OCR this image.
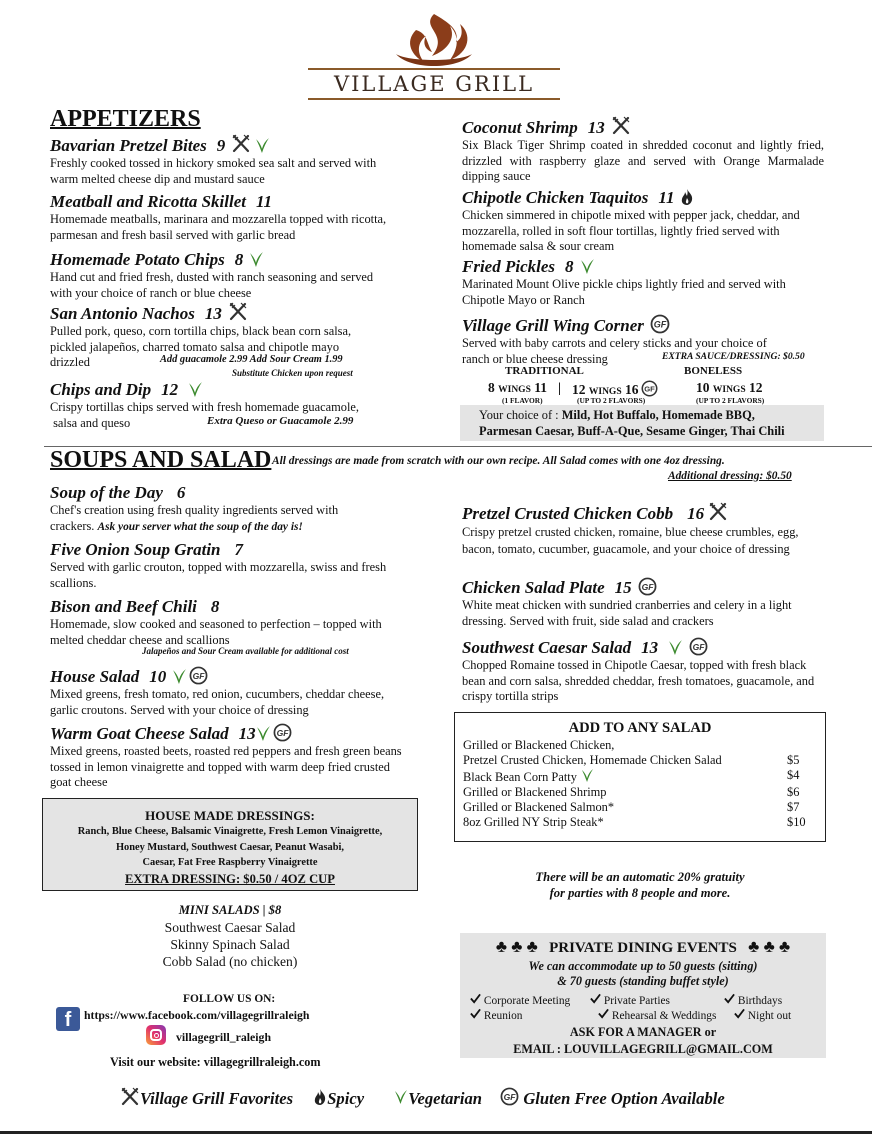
VILLAGE GRILL
APPETIZERS
Bavarian Pretzel Bites 9
Freshly cooked tossed in hickory smoked sea salt and served with warm melted cheese dip and mustard sauce
Meatball and Ricotta Skillet 11
Homemade meatballs, marinara and mozzarella topped with ricotta, parmesan and fresh basil served with garlic bread
Homemade Potato Chips 8
Hand cut and fried fresh, dusted with ranch seasoning and served with your choice of ranch or blue cheese
San Antonio Nachos 13
Pulled pork, queso, corn tortilla chips, black bean corn salsa,
pickled jalapeños, charred tomato salsa and chipotle mayo
drizzled	Add guacamole 2.99 Add Sour Cream 1.99
Substitute Chicken upon request
Chips and Dip 12
Crispy tortillas chips served with fresh homemade guacamole,
salsa and queso	Extra Queso or Guacamole 2.99
Coconut Shrimp 13
Six Black Tiger Shrimp coated in shredded coconut and lightly fried, drizzled with raspberry glaze and served with Orange Marmalade dipping sauce
Chipotle Chicken Taquitos 11
Chicken simmered in chipotle mixed with pepper jack, cheddar, and mozzarella, rolled in soft flour tortillas, lightly fried served with homemade salsa & sour cream
Fried Pickles 8
Marinated Mount Olive pickle chips lightly fried and served with Chipotle Mayo or Ranch
Village Grill Wing Corner
Served with baby carrots and celery sticks and your choice of
ranch or blue cheese dressing	EXTRA SAUCE/DRESSING: $0.50
TRADITIONAL	BONELESS
8 WINGS 11 | 12 WINGS 16	10 WINGS 12
(1 FLAVOR)	(UP TO 2 FLAVORS)	(UP TO 2 FLAVORS)
Your choice of : Mild, Hot Buffalo, Homemade BBQ,
Parmesan Caesar, Buff-A-Que, Sesame Ginger, Thai Chili
SOUPS AND SALAD All dressings are made from scratch with our own recipe. All Salad comes with one 4oz dressing.
Additional dressing: $0.50
Soup of the Day 6
Chef's creation using fresh quality ingredients served with
crackers. Ask your server what the soup of the day is!
Five Onion Soup Gratin 7
Served with garlic crouton, topped with mozzarella, swiss and fresh scallions.
Bison and Beef Chili 8
Homemade, slow cooked and seasoned to perfection – topped with melted cheddar cheese and scallions
Jalapeños and Sour Cream available for additional cost
House Salad 10
Mixed greens, fresh tomato, red onion, cucumbers, cheddar cheese, garlic croutons. Served with your choice of dressing
Warm Goat Cheese Salad 13
Mixed greens, roasted beets, roasted red peppers and fresh green beans tossed in lemon vinaigrette and topped with warm deep fried crusted goat cheese
Pretzel Crusted Chicken Cobb 16
Crispy pretzel crusted chicken, romaine, blue cheese crumbles, egg, bacon, tomato, cucumber, guacamole, and your choice of dressing
Chicken Salad Plate 15
White meat chicken with sundried cranberries and celery in a light dressing. Served with fruit, side salad and crackers
Southwest Caesar Salad 13
Chopped Romaine tossed in Chipotle Caesar, topped with fresh black bean and corn salsa, shredded cheddar, fresh tomatoes, guacamole, and crispy tortilla strips
HOUSE MADE DRESSINGS:
Ranch, Blue Cheese, Balsamic Vinaigrette, Fresh Lemon Vinaigrette,
Honey Mustard, Southwest Caesar, Peanut Wasabi,
Caesar, Fat Free Raspberry Vinaigrette
EXTRA DRESSING: $0.50 / 4OZ CUP
MINI SALADS | $8
Southwest Caesar Salad
Skinny Spinach Salad
Cobb Salad (no chicken)
FOLLOW US ON:
f	https://www.facebook.com/villagegrillraleigh
villagegrill_raleigh
Visit our website: villagegrillraleigh.com
ADD TO ANY SALAD
Grilled or Blackened Chicken,
Pretzel Crusted Chicken, Homemade Chicken Salad	$5
Black Bean Corn Patty	$4
Grilled or Blackened Shrimp	$6
Grilled or Blackened Salmon*	$7
8oz Grilled NY Strip Steak*	$10
There will be an automatic 20% gratuity
for parties with 8 people and more.
♣ ♣ ♣ PRIVATE DINING EVENTS ♣ ♣ ♣
We can accommodate up to 50 guests (sitting)
& 70 guests (standing buffet style)
Corporate Meeting	Private Parties	Birthdays
Reunion	Rehearsal & Weddings	Night out
ASK FOR A MANAGER or
EMAIL : LOUVILLAGEGRILL@GMAIL.COM
Village Grill Favorites Spicy	Vegetarian Gluten Free Option Available
